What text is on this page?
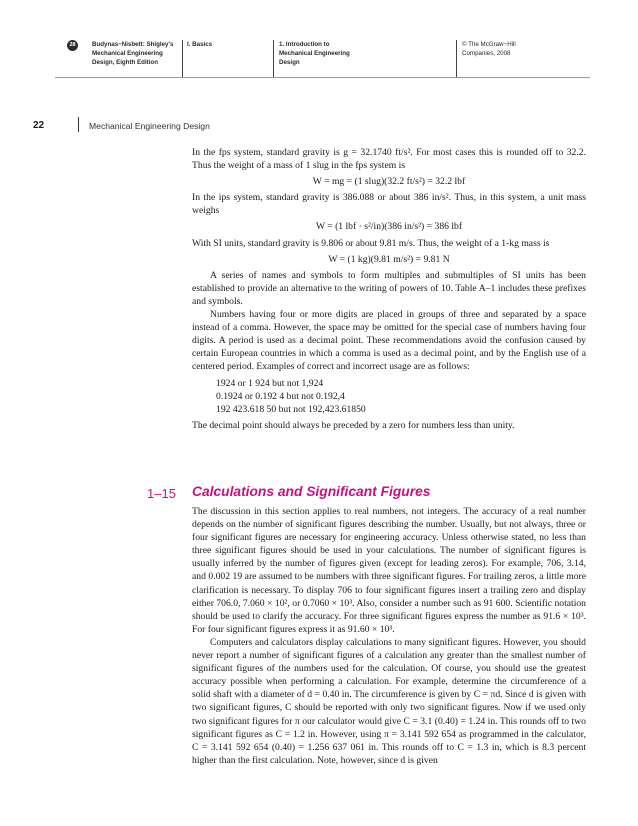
28	Budynas−Nisbett: Shigley's
Mechanical Engineering
Design, Eighth Edition
I. Basics	1. Introduction to
Mechanical Engineering
Design
© The McGraw−Hill
Companies, 2008
22	Mechanical Engineering Design

In the fps system, standard gravity is g = 32.1740 ft/s². For most cases this is rounded off to 32.2. Thus the weight of a mass of 1 slug in the fps system is

W = mg = (1 slug)(32.2 ft/s²) = 32.2 lbf

In the ips system, standard gravity is 386.088 or about 386 in/s². Thus, in this system, a unit mass weighs

W = (1 lbf · s²/in)(386 in/s²) = 386 lbf

With SI units, standard gravity is 9.806 or about 9.81 m/s. Thus, the weight of a 1-kg mass is

W = (1 kg)(9.81 m/s²) = 9.81 N

A series of names and symbols to form multiples and submultiples of SI units has been established to provide an alternative to the writing of powers of 10. Table A–1 includes these prefixes and symbols.

Numbers having four or more digits are placed in groups of three and separated by a space instead of a comma. However, the space may be omitted for the special case of numbers having four digits. A period is used as a decimal point. These recommendations avoid the confusion caused by certain European countries in which a comma is used as a decimal point, and by the English use of a centered period. Examples of correct and incorrect usage are as follows:

1924 or 1 924 but not 1,924
0.1924 or 0.192 4 but not 0.192,4
192 423.618 50 but not 192,423.61850

The decimal point should always be preceded by a zero for numbers less than unity.

1–15 Calculations and Significant Figures

The discussion in this section applies to real numbers, not integers. The accuracy of a real number depends on the number of significant figures describing the number. Usually, but not always, three or four significant figures are necessary for engineering accuracy. Unless otherwise stated, no less than three significant figures should be used in your calculations. The number of significant figures is usually inferred by the number of figures given (except for leading zeros). For example, 706, 3.14, and 0.002 19 are assumed to be numbers with three significant figures. For trailing zeros, a little more clarification is necessary. To display 706 to four significant figures insert a trailing zero and display either 706.0, 7.060 × 10², or 0.7060 × 10³. Also, consider a number such as 91 600. Scientific notation should be used to clarify the accuracy. For three significant figures express the number as 91.6 × 10³. For four significant figures express it as 91.60 × 10³.

Computers and calculators display calculations to many significant figures. However, you should never report a number of significant figures of a calculation any greater than the smallest number of significant figures of the numbers used for the calculation. Of course, you should use the greatest accuracy possible when performing a calculation. For example, determine the circumference of a solid shaft with a diameter of d = 0.40 in. The circumference is given by C = πd. Since d is given with two significant figures, C should be reported with only two significant figures. Now if we used only two significant figures for π our calculator would give C = 3.1 (0.40) = 1.24 in. This rounds off to two significant figures as C = 1.2 in. However, using π = 3.141 592 654 as programmed in the calculator, C = 3.141 592 654 (0.40) = 1.256 637 061 in. This rounds off to C = 1.3 in, which is 8.3 percent higher than the first calculation. Note, however, since d is given
